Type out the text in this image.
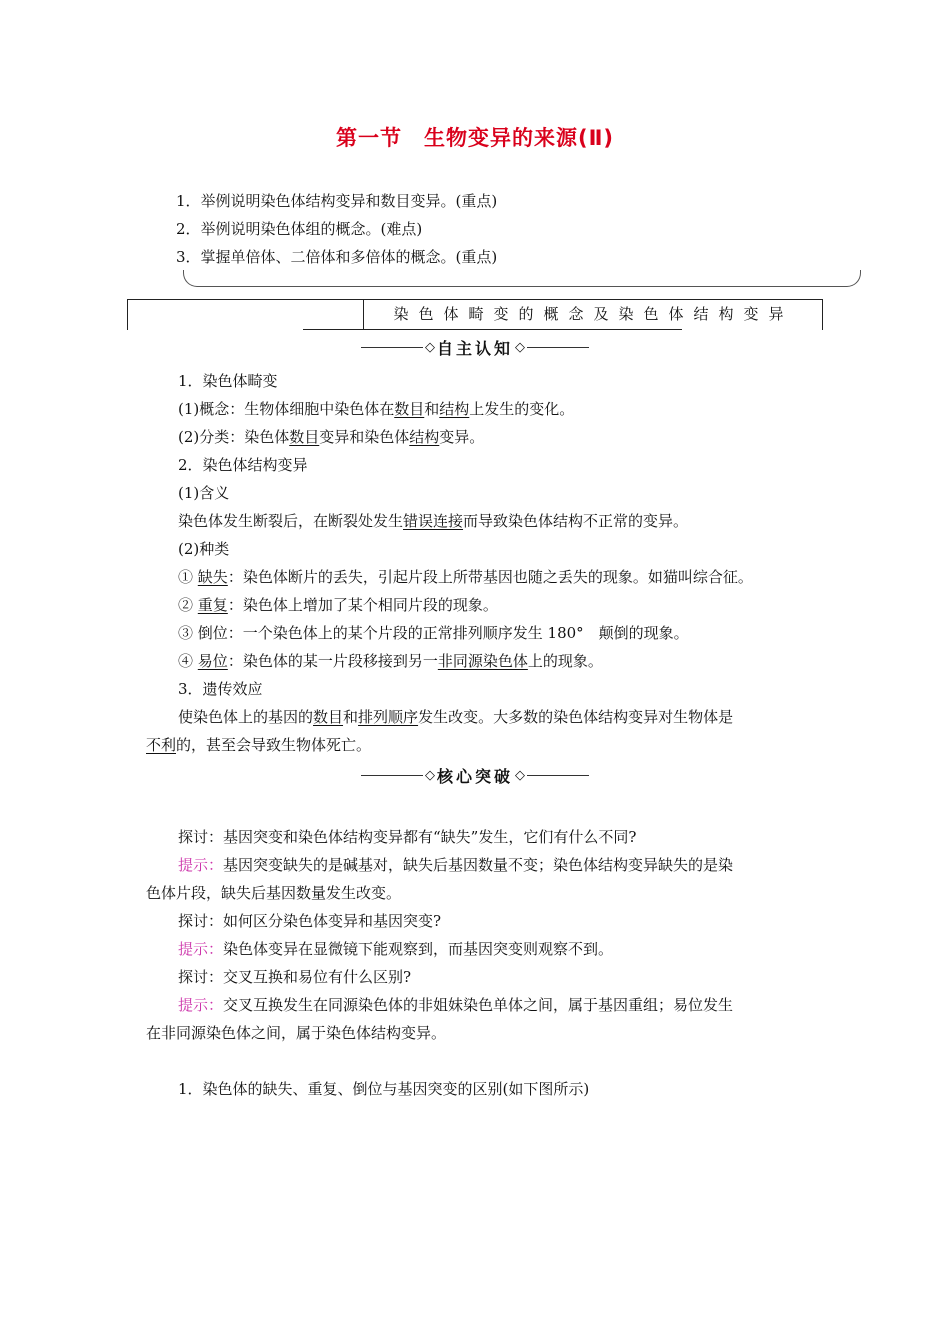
第一节　生物变异的来源(Ⅱ)
1．举例说明染色体结构变异和数目变异。(重点)
2．举例说明染色体组的概念。(难点)
3．掌握单倍体、二倍体和多倍体的概念。(重点)
染色体畸变的概念及染色体结构变异
◇ 自主认知 ◇
1．染色体畸变
(1)概念：生物体细胞中染色体在数目和结构上发生的变化。
(2)分类：染色体数目变异和染色体结构变异。
2．染色体结构变异
(1)含义
染色体发生断裂后，在断裂处发生错误连接而导致染色体结构不正常的变异。
(2)种类
① 缺失：染色体断片的丢失，引起片段上所带基因也随之丢失的现象。如猫叫综合征。
② 重复：染色体上增加了某个相同片段的现象。
③ 倒位：一个染色体上的某个片段的正常排列顺序发生 180°　颠倒的现象。
④ 易位：染色体的某一片段移接到另一非同源染色体上的现象。
3．遗传效应
使染色体上的基因的数目和排列顺序发生改变。大多数的染色体结构变异对生物体是
不利的，甚至会导致生物体死亡。
◇ 核心突破 ◇
探讨：基因突变和染色体结构变异都有“缺失”发生，它们有什么不同?
提示：基因突变缺失的是碱基对，缺失后基因数量不变；染色体结构变异缺失的是染
色体片段，缺失后基因数量发生改变。
探讨：如何区分染色体变异和基因突变?
提示：染色体变异在显微镜下能观察到，而基因突变则观察不到。
探讨：交叉互换和易位有什么区别?
提示：交叉互换发生在同源染色体的非姐妹染色单体之间，属于基因重组；易位发生
在非同源染色体之间，属于染色体结构变异。
1．染色体的缺失、重复、倒位与基因突变的区别(如下图所示)
